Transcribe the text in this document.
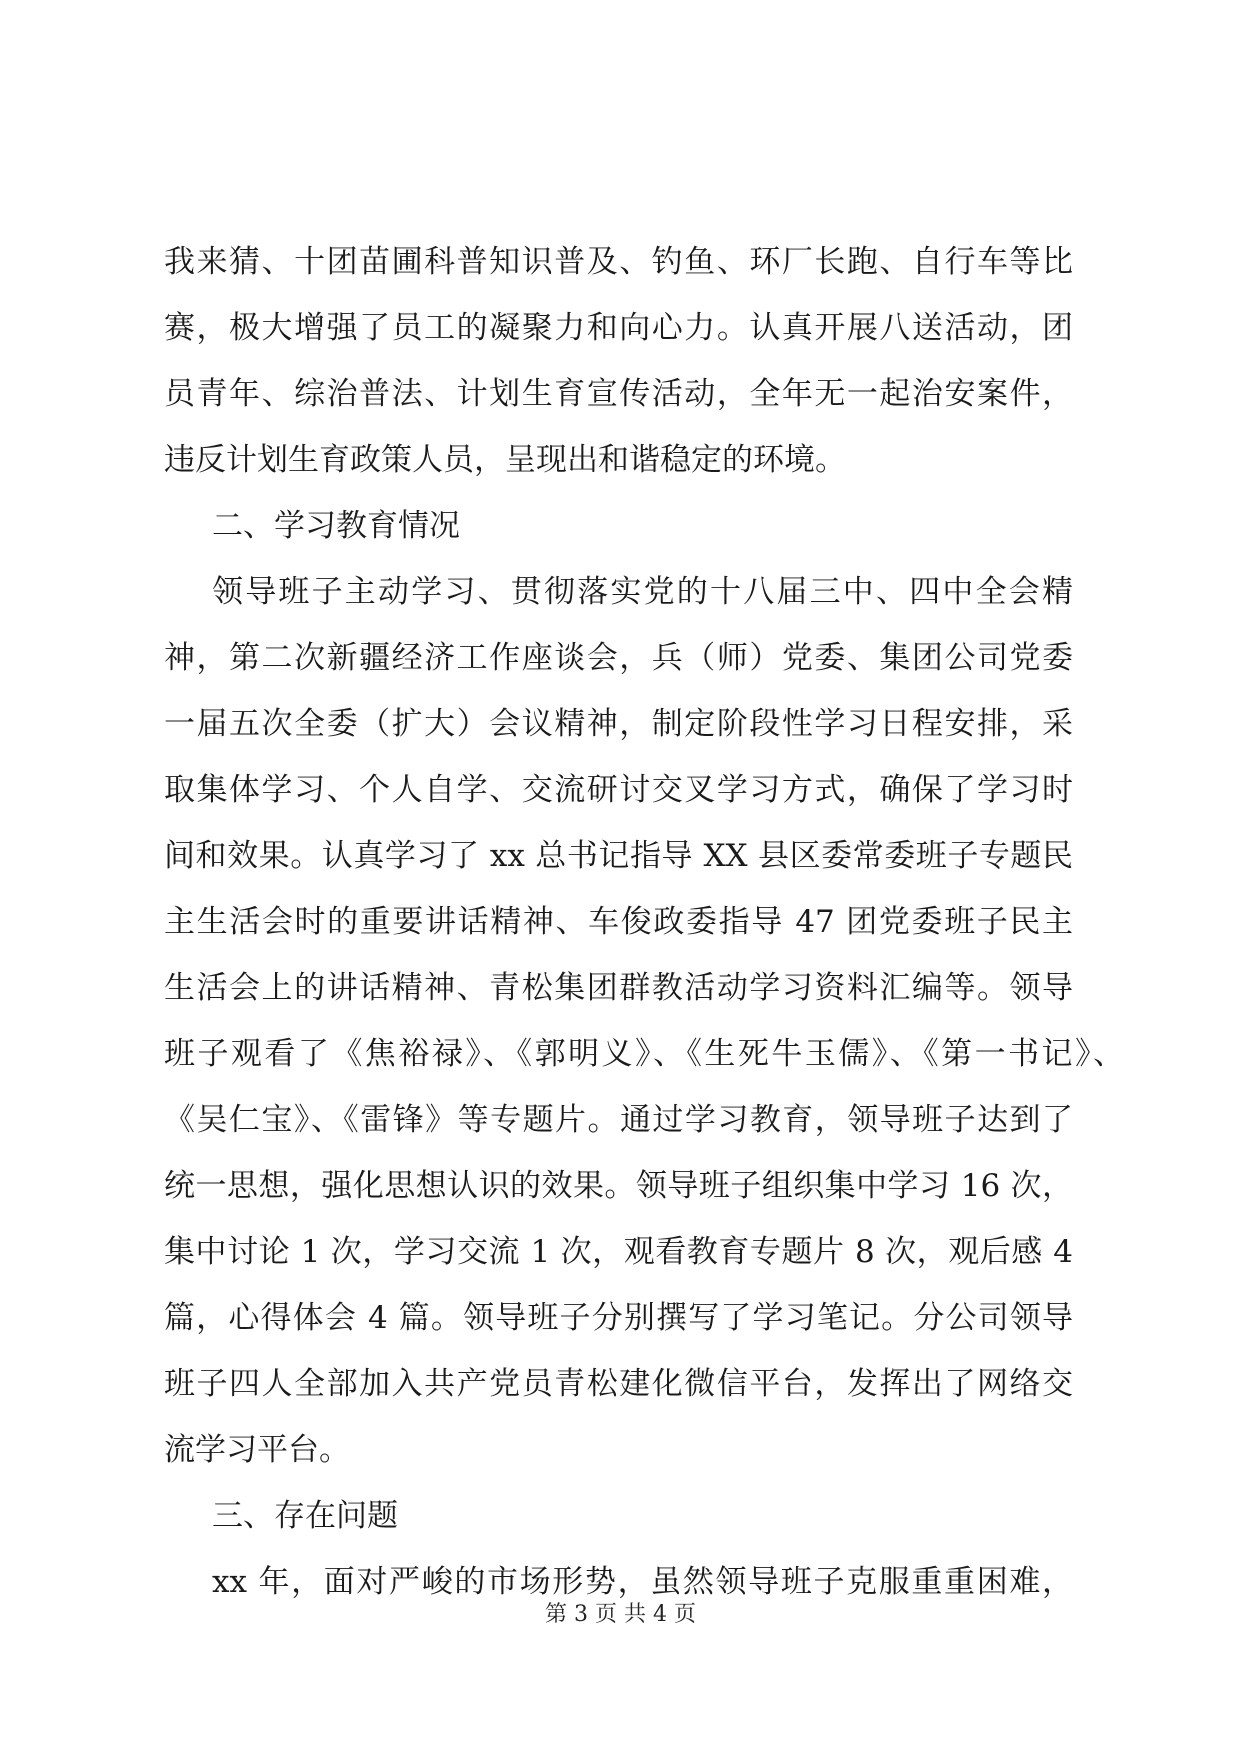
我来猜、十团苗圃科普知识普及、钓鱼、环厂长跑、自行车等比
赛，极大增强了员工的凝聚力和向心力。认真开展八送活动，团
员青年、综治普法、计划生育宣传活动，全年无一起治安案件，
违反计划生育政策人员，呈现出和谐稳定的环境。
二、学习教育情况
领导班子主动学习、贯彻落实党的十八届三中、四中全会精
神，第二次新疆经济工作座谈会，兵（师）党委、集团公司党委
一届五次全委（扩大）会议精神，制定阶段性学习日程安排，采
取集体学习、个人自学、交流研讨交叉学习方式，确保了学习时
间和效果。认真学习了 xx 总书记指导 XX 县区委常委班子专题民
主生活会时的重要讲话精神、车俊政委指导 47 团党委班子民主
生活会上的讲话精神、青松集团群教活动学习资料汇编等。领导
班子观看了《焦裕禄》、《郭明义》、《生死牛玉儒》、《第一书记》、
《吴仁宝》、《雷锋》等专题片。通过学习教育，领导班子达到了
统一思想，强化思想认识的效果。领导班子组织集中学习 16 次，
集中讨论 1 次，学习交流 1 次，观看教育专题片 8 次，观后感 4
篇，心得体会 4 篇。领导班子分别撰写了学习笔记。分公司领导
班子四人全部加入共产党员青松建化微信平台，发挥出了网络交
流学习平台。
三、存在问题
xx 年，面对严峻的市场形势，虽然领导班子克服重重困难，
第 3 页 共 4 页
